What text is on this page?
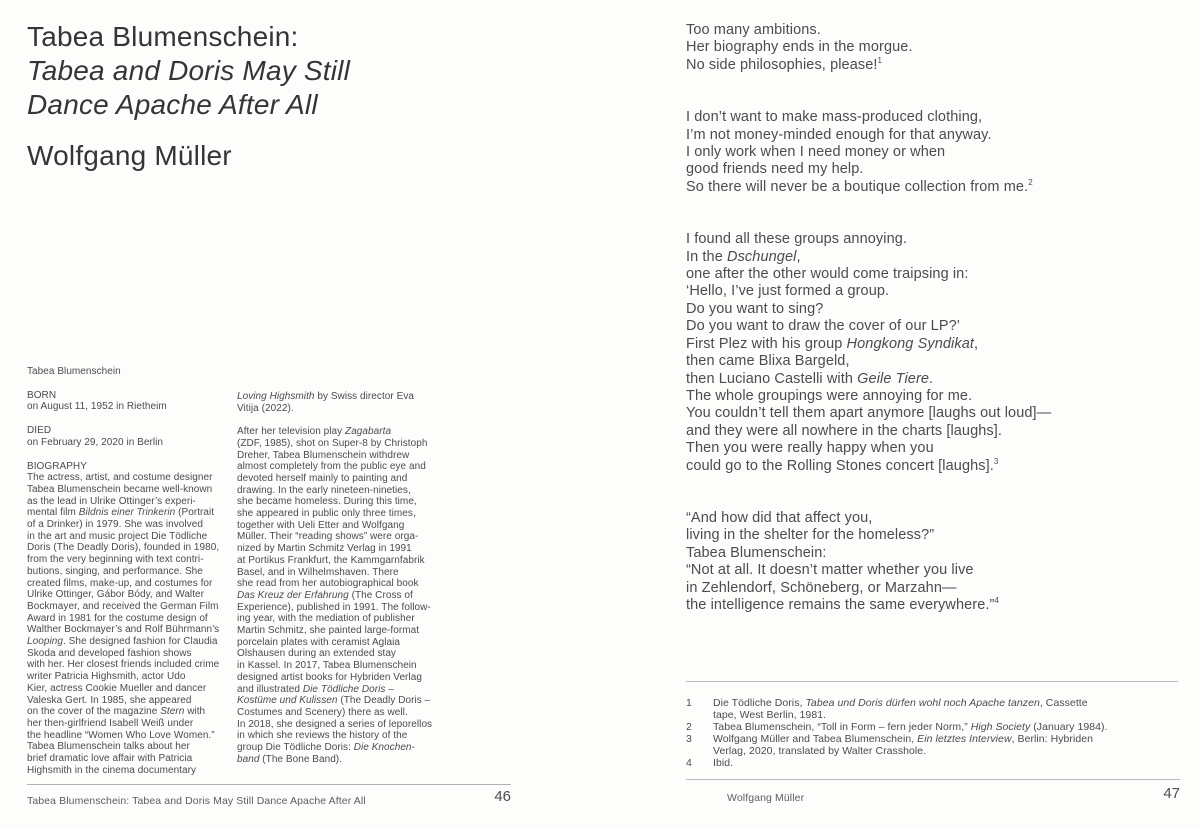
Tabea Blumenschein:
Tabea and Doris May Still
Dance Apache After All
Wolfgang Müller
Tabea Blumenschein
BORN
on August 11, 1952 in Rietheim
DIED
on February 29, 2020 in Berlin
BIOGRAPHY
The actress, artist, and costume designer
Tabea Blumenschein became well-known
as the lead in Ulrike Ottinger’s experi-
mental film Bildnis einer Trinkerin (Portrait
of a Drinker) in 1979. She was involved
in the art and music project Die Tödliche
Doris (The Deadly Doris), founded in 1980,
from the very beginning with text contri-
butions, singing, and performance. She
created films, make-up, and costumes for
Ulrike Ottinger, Gábor Bódy, and Walter
Bockmayer, and received the German Film
Award in 1981 for the costume design of
Walther Bockmayer’s and Rolf Bührmann’s
Looping. She designed fashion for Claudia
Skoda and developed fashion shows
with her. Her closest friends included crime
writer Patricia Highsmith, actor Udo
Kier, actress Cookie Mueller and dancer
Valeska Gert. In 1985, she appeared
on the cover of the magazine Stern with
her then-girlfriend Isabell Weiß under
the headline “Women Who Love Women.”
Tabea Blumenschein talks about her
brief dramatic love affair with Patricia
Highsmith in the cinema documentary
Loving Highsmith by Swiss director Eva
Vitija (2022).
After her television play Zagabarta
(ZDF, 1985), shot on Super-8 by Christoph
Dreher, Tabea Blumenschein withdrew
almost completely from the public eye and
devoted herself mainly to painting and
drawing. In the early nineteen-nineties,
she became homeless. During this time,
she appeared in public only three times,
together with Ueli Etter and Wolfgang
Müller. Their “reading shows” were orga-
nized by Martin Schmitz Verlag in 1991
at Portikus Frankfurt, the Kammgarnfabrik
Basel, and in Wilhelmshaven. There
she read from her autobiographical book
Das Kreuz der Erfahrung (The Cross of
Experience), published in 1991. The follow-
ing year, with the mediation of publisher
Martin Schmitz, she painted large-format
porcelain plates with ceramist Aglaia
Olshausen during an extended stay
in Kassel. In 2017, Tabea Blumenschein
designed artist books for Hybriden Verlag
and illustrated Die Tödliche Doris –
Kostüme und Kulissen (The Deadly Doris –
Costumes and Scenery) there as well.
In 2018, she designed a series of leporellos
in which she reviews the history of the
group Die Tödliche Doris: Die Knochen-
band (The Bone Band).
Tabea Blumenschein: Tabea and Doris May Still Dance Apache After All	46

Too many ambitions.
Her biography ends in the morgue.
No side philosophies, please!$^1$

I don’t want to make mass-produced clothing,
I’m not money-minded enough for that anyway.
I only work when I need money or when
good friends need my help.
So there will never be a boutique collection from me.$^2$

I found all these groups annoying.
In the Dschungel,
one after the other would come traipsing in:
‘Hello, I’ve just formed a group.
Do you want to sing?
Do you want to draw the cover of our LP?’
First Plez with his group Hongkong Syndikat,
then came Blixa Bargeld,
then Luciano Castelli with Geile Tiere.
The whole groupings were annoying for me.
You couldn’t tell them apart anymore [laughs out loud]—
and they were all nowhere in the charts [laughs].
Then you were really happy when you
could go to the Rolling Stones concert [laughs].$^3$

“And how did that affect you,
living in the shelter for the homeless?”
Tabea Blumenschein:
“Not at all. It doesn’t matter whether you live
in Zehlendorf, Schöneberg, or Marzahn—
the intelligence remains the same everywhere.”$^4$

1	Die Tödliche Doris, Tabea und Doris dürfen wohl noch Apache tanzen, Cassette
tape, West Berlin, 1981.
2	Tabea Blumenschein, “Toll in Form – fern jeder Norm,” High Society (January 1984).
3	Wolfgang Müller and Tabea Blumenschein, Ein letztes Interview, Berlin: Hybriden
Verlag, 2020, translated by Walter Crasshole.
4	Ibid.
Wolfgang Müller	47
